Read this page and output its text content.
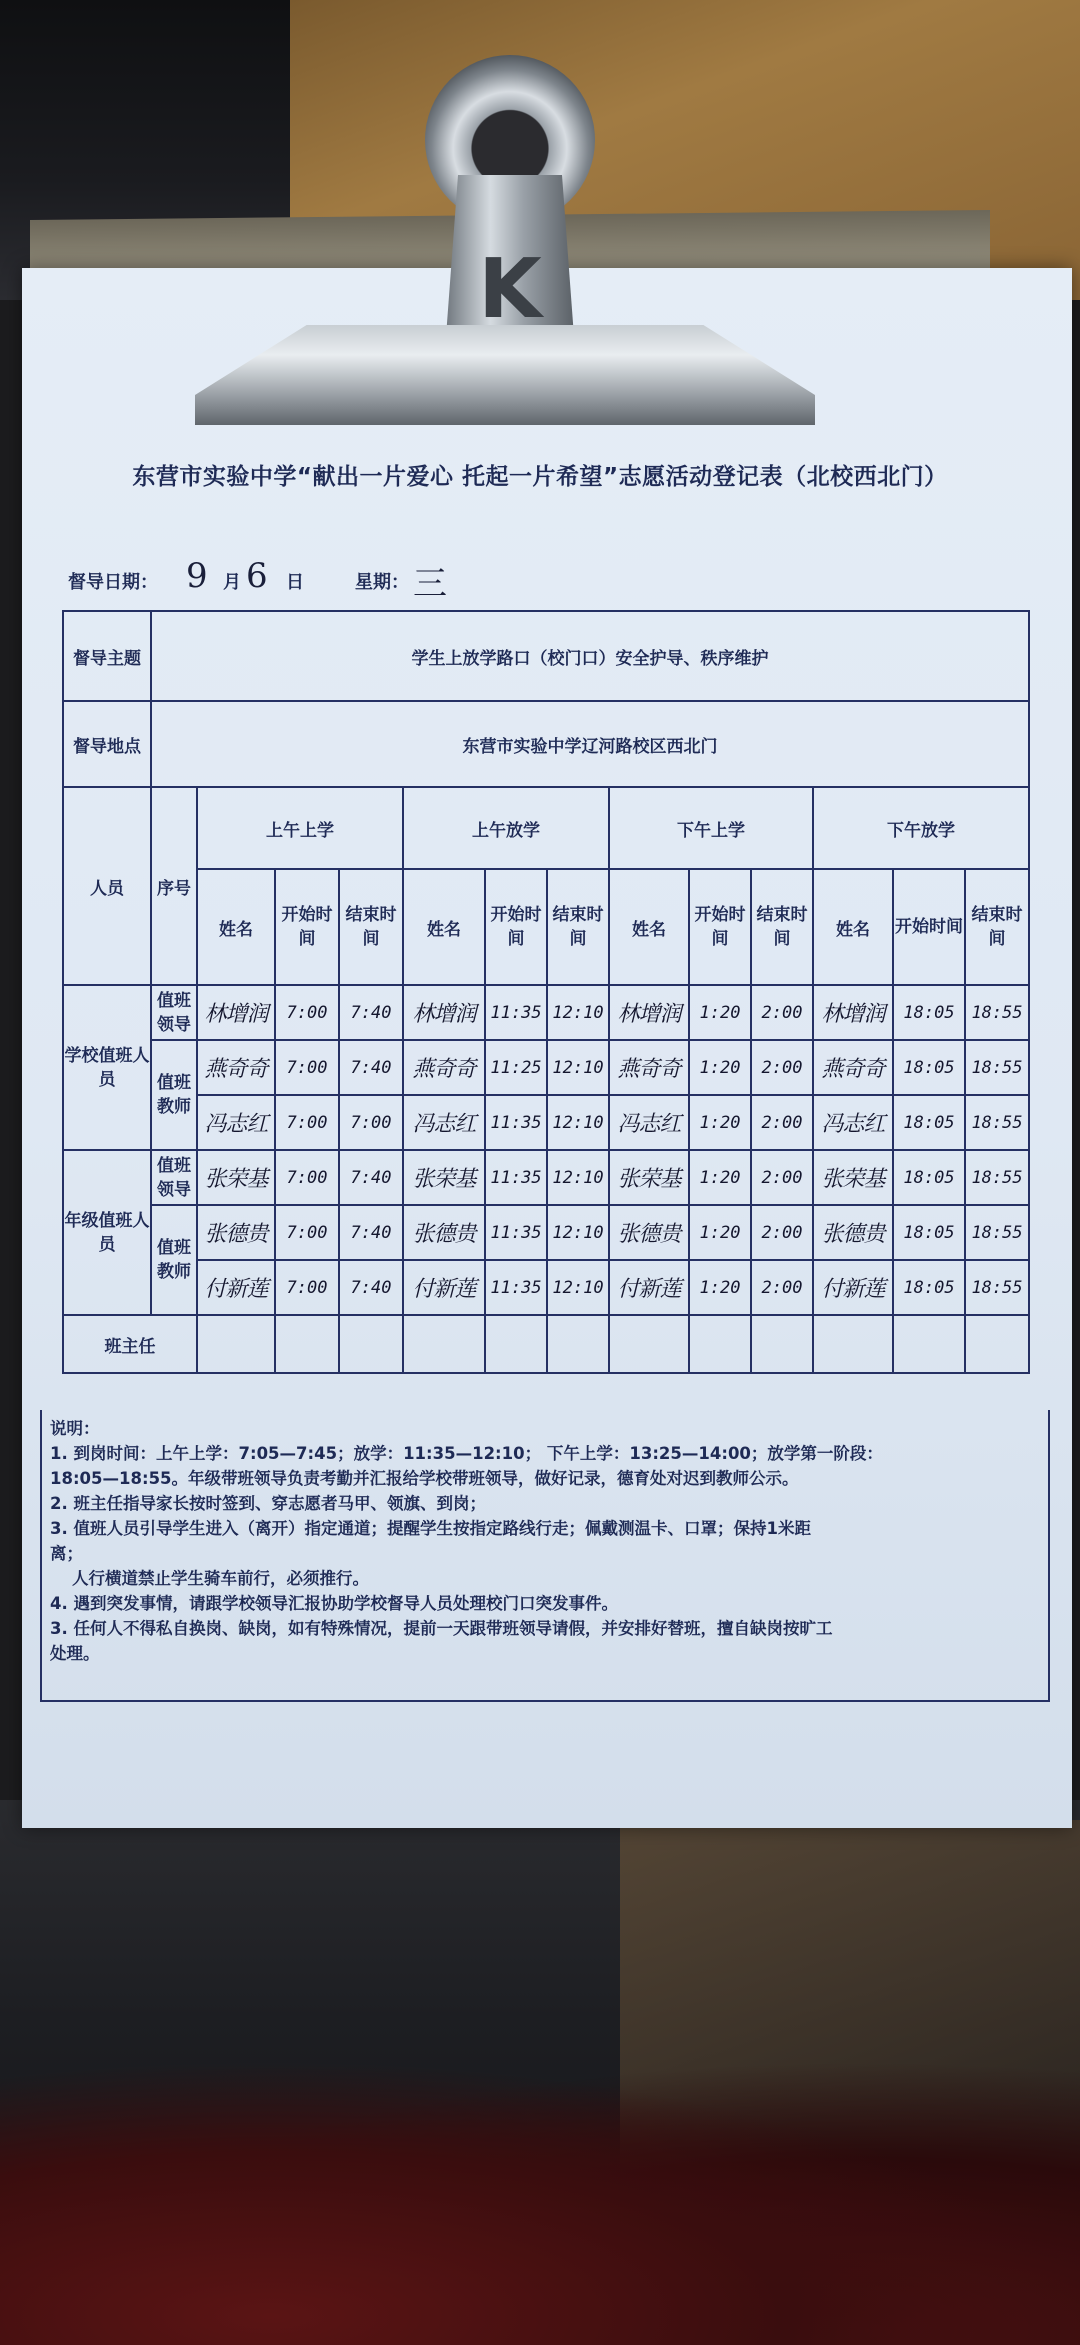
K
东营市实验中学“献出一片爱心 托起一片希望”志愿活动登记表（北校西北门）
督导日期： 9 月 6 日	星期： 三
督导主题	学生上放学路口（校门口）安全护导、秩序维护												
督导地点	东营市实验中学辽河路校区西北门												
人员	序号	上午上学			上午放学			下午上学			下午放学		
		姓名	开始时间	结束时间	姓名	开始时间	结束时间	姓名	开始时间	结束时间	姓名	开始时间	结束时间
学校值班人员	值班领导	林增润	7:00	7:40	林增润	11:35	12:10	林增润	1:20	2:00	林增润	18:05	18:55
	值班教师	燕奇奇	7:00	7:40	燕奇奇	11:25	12:10	燕奇奇	1:20	2:00	燕奇奇	18:05	18:55
		冯志红	7:00	7:00	冯志红	11:35	12:10	冯志红	1:20	2:00	冯志红	18:05	18:55
年级值班人员	值班领导	张荣基	7:00	7:40	张荣基	11:35	12:10	张荣基	1:20	2:00	张荣基	18:05	18:55
	值班教师	张德贵	7:00	7:40	张德贵	11:35	12:10	张德贵	1:20	2:00	张德贵	18:05	18:55
		付新莲	7:00	7:40	付新莲	11:35	12:10	付新莲	1:20	2:00	付新莲	18:05	18:55
班主任													
说明：
1. 到岗时间：上午上学：7:05—7:45；放学：11:35—12:10； 下午上学：13:25—14:00；放学第一阶段：
18:05—18:55。年级带班领导负责考勤并汇报给学校带班领导，做好记录，德育处对迟到教师公示。
2. 班主任指导家长按时签到、穿志愿者马甲、领旗、到岗；
3. 值班人员引导学生进入（离开）指定通道；提醒学生按指定路线行走；佩戴测温卡、口罩；保持1米距
离；
人行横道禁止学生骑车前行，必须推行。
4. 遇到突发事情，请跟学校领导汇报协助学校督导人员处理校门口突发事件。
3. 任何人不得私自换岗、缺岗，如有特殊情况，提前一天跟带班领导请假，并安排好替班，擅自缺岗按旷工
处理。
